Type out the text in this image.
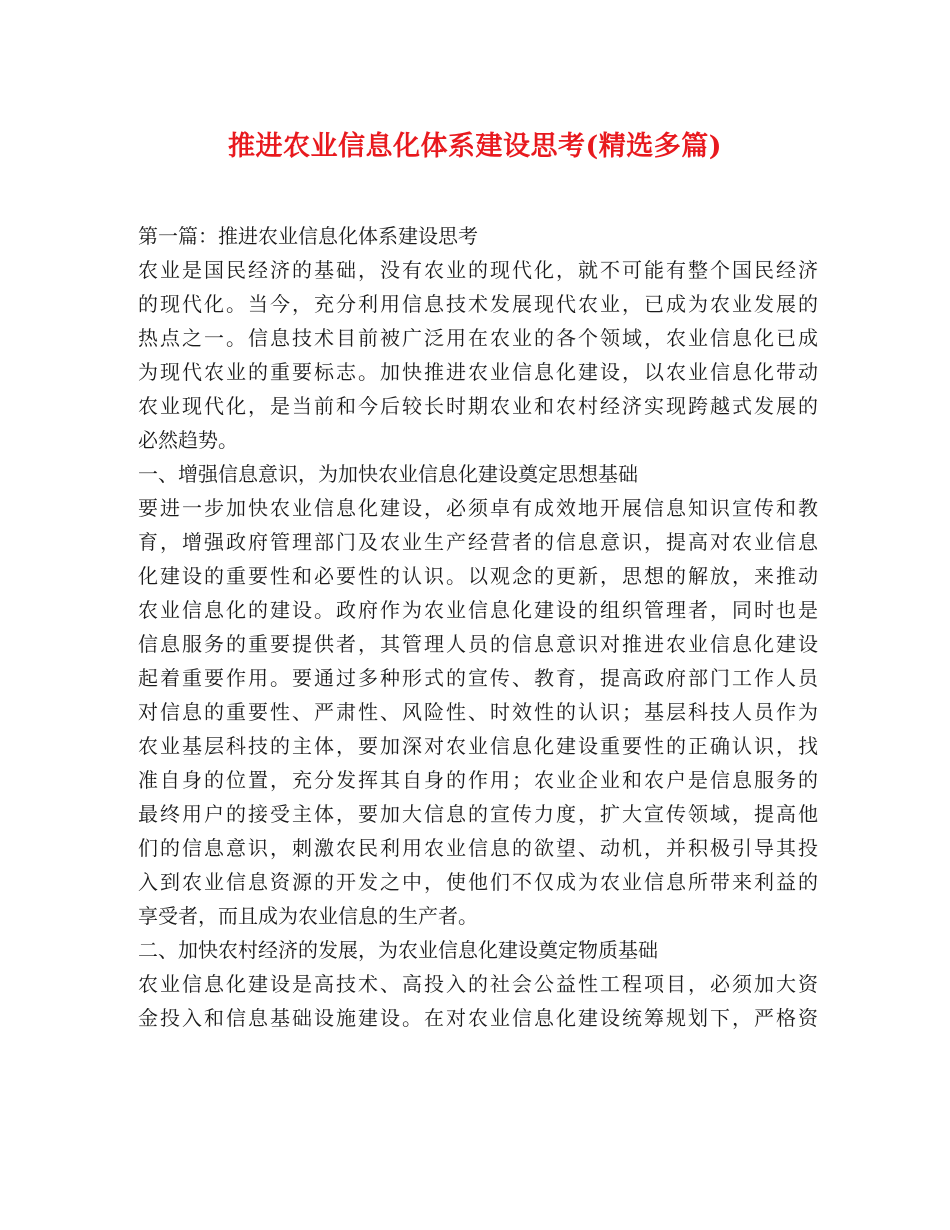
推进农业信息化体系建设思考(精选多篇)
第一篇：推进农业信息化体系建设思考
农业是国民经济的基础，没有农业的现代化，就不可能有整个国民经济
的现代化。当今，充分利用信息技术发展现代农业，已成为农业发展的
热点之一。信息技术目前被广泛用在农业的各个领域，农业信息化已成
为现代农业的重要标志。加快推进农业信息化建设，以农业信息化带动
农业现代化，是当前和今后较长时期农业和农村经济实现跨越式发展的
必然趋势。
一、增强信息意识，为加快农业信息化建设奠定思想基础
要进一步加快农业信息化建设，必须卓有成效地开展信息知识宣传和教
育，增强政府管理部门及农业生产经营者的信息意识，提高对农业信息
化建设的重要性和必要性的认识。以观念的更新，思想的解放，来推动
农业信息化的建设。政府作为农业信息化建设的组织管理者，同时也是
信息服务的重要提供者，其管理人员的信息意识对推进农业信息化建设
起着重要作用。要通过多种形式的宣传、教育，提高政府部门工作人员
对信息的重要性、严肃性、风险性、时效性的认识；基层科技人员作为
农业基层科技的主体，要加深对农业信息化建设重要性的正确认识，找
准自身的位置，充分发挥其自身的作用；农业企业和农户是信息服务的
最终用户的接受主体，要加大信息的宣传力度，扩大宣传领域，提高他
们的信息意识，刺激农民利用农业信息的欲望、动机，并积极引导其投
入到农业信息资源的开发之中，使他们不仅成为农业信息所带来利益的
享受者，而且成为农业信息的生产者。
二、加快农村经济的发展，为农业信息化建设奠定物质基础
农业信息化建设是高技术、高投入的社会公益性工程项目，必须加大资
金投入和信息基础设施建设。在对农业信息化建设统筹规划下，严格资
